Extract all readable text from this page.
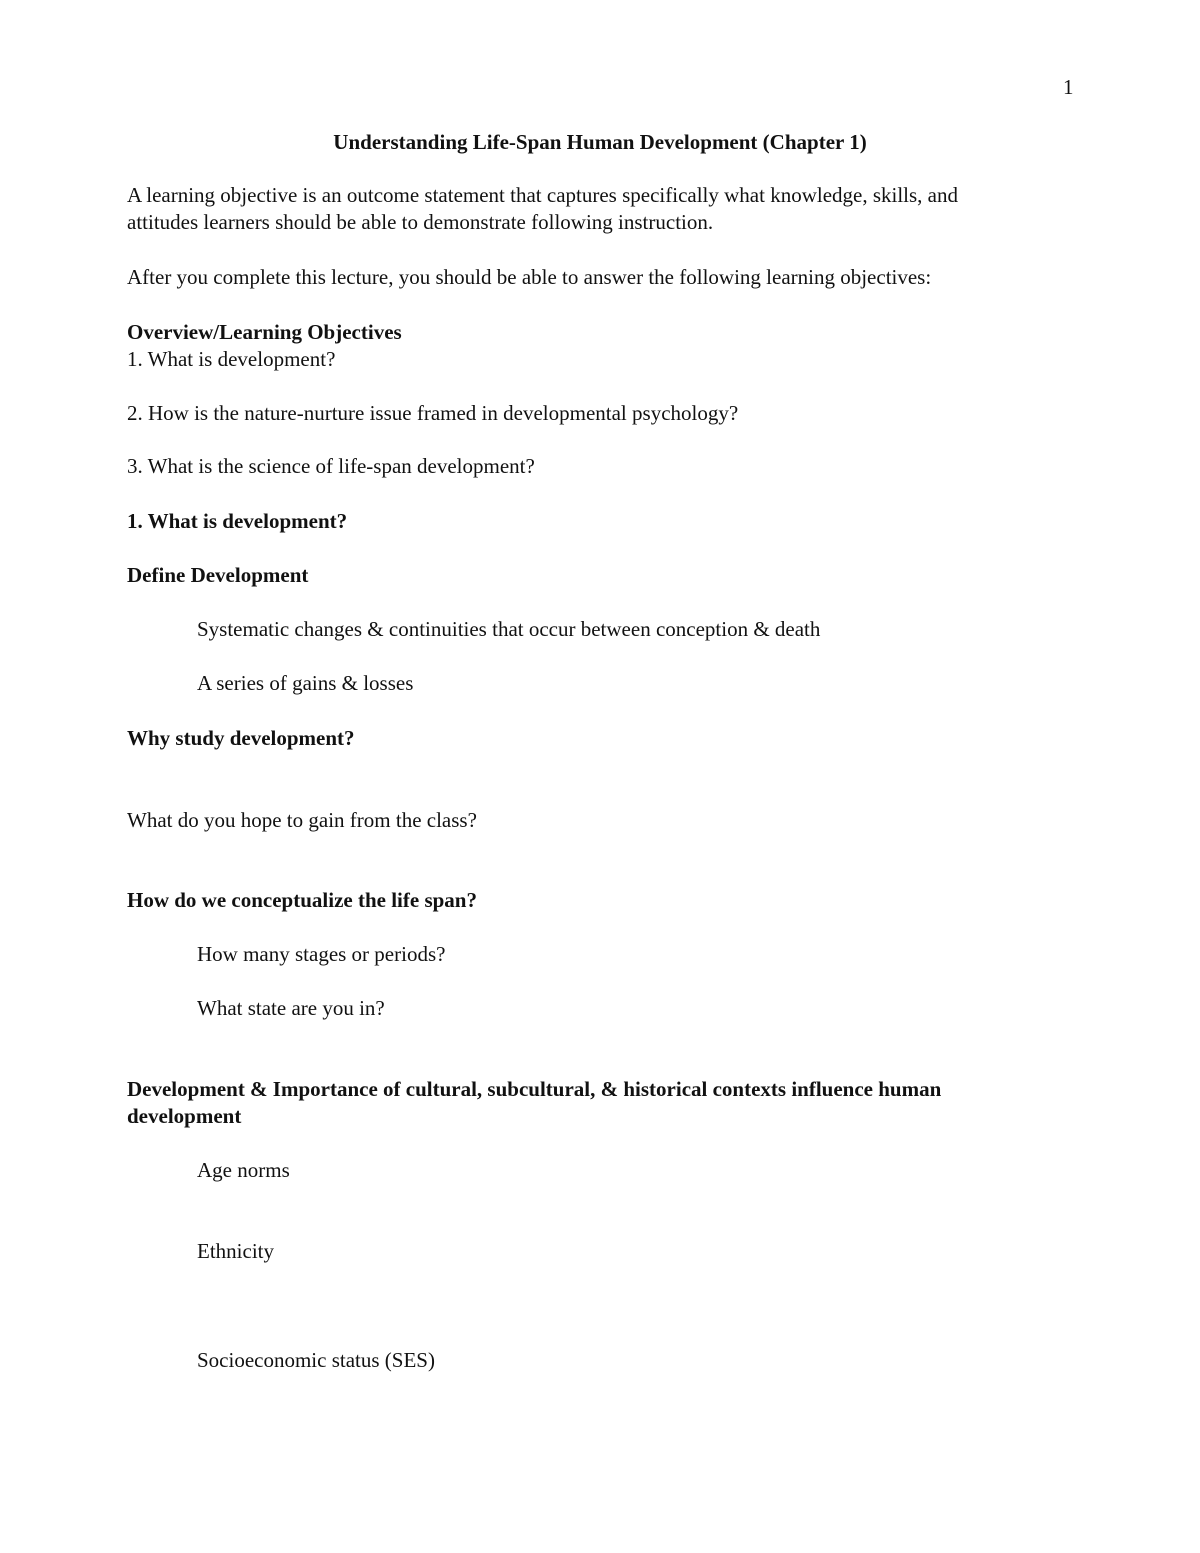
1
Understanding Life-Span Human Development (Chapter 1)
A learning objective is an outcome statement that captures specifically what knowledge, skills, and
attitudes learners should be able to demonstrate following instruction.
After you complete this lecture, you should be able to answer the following learning objectives:
Overview/Learning Objectives
1. What is development?
2. How is the nature-nurture issue framed in developmental psychology?
3. What is the science of life-span development?
1. What is development?
Define Development
Systematic changes & continuities that occur between conception & death
A series of gains & losses
Why study development?
What do you hope to gain from the class?
How do we conceptualize the life span?
How many stages or periods?
What state are you in?
Development & Importance of cultural, subcultural, & historical contexts influence human
development
Age norms
Ethnicity
Socioeconomic status (SES)
